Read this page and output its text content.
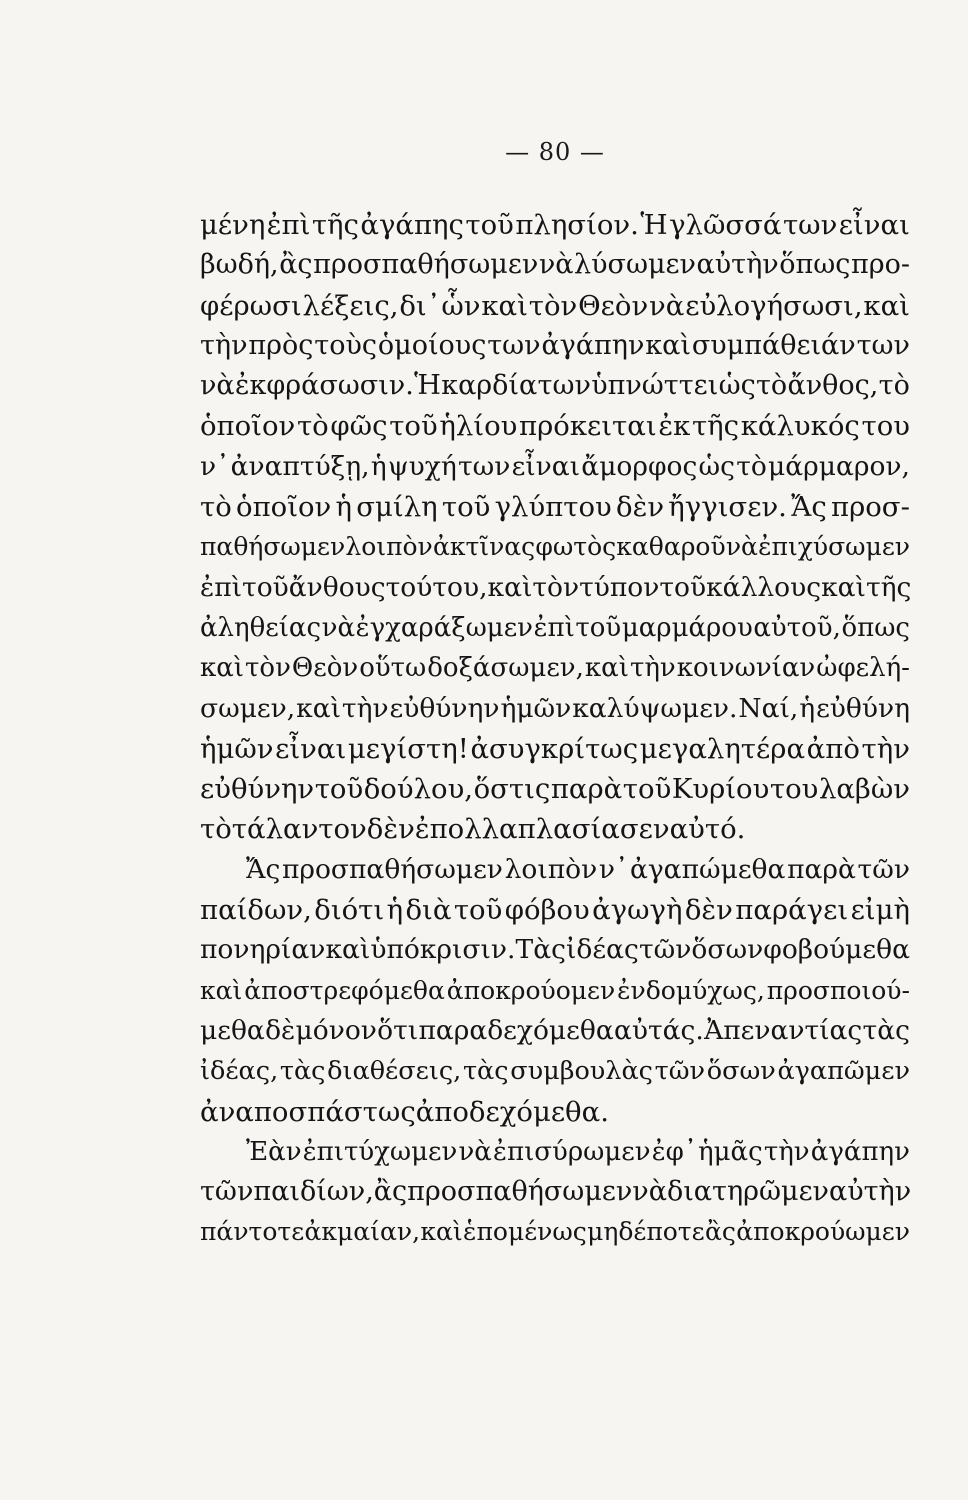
— 80 —
μένη ἐπὶ τῆς ἀγάπης τοῦ πλησίον. Ἡ γλῶσσά των εἶναι
βωδή, ἂς προσπαθήσωμεν νὰ λύσωμεν αὐτὴν ὅπως προ-
φέρωσι λέξεις, δι᾽ ὧν καὶ τὸν Θεὸν νὰ εὐλογήσωσι, καὶ
τὴν πρὸς τοὺς ὁμοίους των ἀγάπην καὶ συμπάθειάν των
νὰ ἐκφράσωσιν. Ἡ καρδία των ὑπνώττει ὡς τὸ ἄνθος, τὸ
ὁποῖον τὸ φῶς τοῦ ἡλίου πρόκειται ἐκ τῆς κάλυκός του
ν᾽ ἀναπτύξῃ, ἡ ψυχή των εἶναι ἄμορφος ὡς τὸ μάρμαρον,
τὸ ὁποῖον ἡ σμίλη τοῦ γλύπτου δὲν ἤγγισεν. Ἄς προσ-
παθήσωμεν λοιπὸν ἀκτῖνας φωτὸς καθαροῦ νὰ ἐπιχύσωμεν
ἐπὶ τοῦ ἄνθους τούτου, καὶ τὸν τύπον τοῦ κάλλους καὶ τῆς
ἀληθείας νὰ ἐγχαράξωμεν ἐπὶ τοῦ μαρμάρου αὐτοῦ, ὅπως
καὶ τὸν Θεὸν οὕτω δοξάσωμεν, καὶ τὴν κοινωνίαν ὠφελή-
σωμεν, καὶ τὴν εὐθύνην ἡμῶν καλύψωμεν. Ναί, ἡ εὐθύνη
ἡμῶν εἶναι μεγίστη! ἀσυγκρίτως μεγαλητέρα ἀπὸ τὴν
εὐθύνην τοῦ δούλου, ὅστις παρὰ τοῦ Κυρίου του λαβὼν
τὸ τάλαντον δὲν ἐπολλαπλασίασεν αὐτό.
Ἄς προσπαθήσωμεν λοιπὸν ν᾽ ἀγαπώμεθα παρὰ τῶν
παίδων, διότι ἡ διὰ τοῦ φόβου ἀγωγὴ δὲν παράγει εἰμὴ
πονηρίαν καὶ ὑπόκρισιν. Τὰς ἰδέας τῶν ὅσων φοβούμεθα
καὶ ἀποστρεφόμεθα ἀποκρούομεν ἐνδομύχως, προσποιού-
μεθα δὲ μόνον ὅτι παραδεχόμεθα αὐτάς. Ἀπεναντίας τὰς
ἰδέας, τὰς διαθέσεις, τὰς συμβουλὰς τῶν ὅσων ἀγαπῶμεν
ἀναποσπάστως ἀποδεχόμεθα.
Ἐὰν ἐπιτύχωμεν νὰ ἐπισύρωμεν ἐφ᾽ ἡμᾶς τὴν ἀγάπην
τῶν παιδίων, ἂς προσπαθήσωμεν νὰ διατηρῶμεν αὐτὴν
πάντοτε ἀκμαίαν, καὶ ἑπομένως μηδέποτε ἂς ἀποκρούωμεν
